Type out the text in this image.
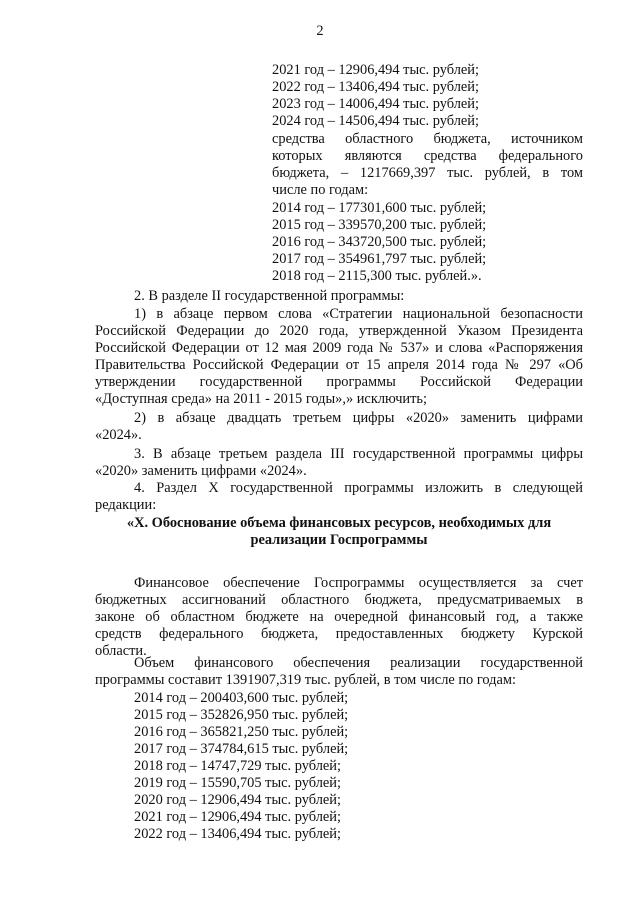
2
2021 год – 12906,494 тыс. рублей;
2022 год – 13406,494 тыс. рублей;
2023 год – 14006,494 тыс. рублей;
2024 год – 14506,494 тыс. рублей;
средства областного бюджета, источником
которых являются средства федерального
бюджета, – 1217669,397 тыс. рублей, в том
числе по годам:
2014 год – 177301,600 тыс. рублей;
2015 год – 339570,200 тыс. рублей;
2016 год – 343720,500 тыс. рублей;
2017 год – 354961,797 тыс. рублей;
2018 год – 2115,300 тыс. рублей.».
2. В разделе II государственной программы:
1) в абзаце первом слова «Стратегии национальной безопасности
Российской Федерации до 2020 года, утвержденной Указом Президента
Российской Федерации от 12 мая 2009 года № 537» и слова «Распоряжения
Правительства Российской Федерации от 15 апреля 2014 года № 297 «Об
утверждении государственной программы Российской Федерации
«Доступная среда» на 2011 - 2015 годы»,» исключить;
2) в абзаце двадцать третьем цифры «2020» заменить цифрами
«2024».
3. В абзаце третьем раздела III государственной программы цифры
«2020» заменить цифрами «2024».
4. Раздел X государственной программы изложить в следующей
редакции:
«X. Обоснование объема финансовых ресурсов, необходимых для
реализации Госпрограммы
Финансовое обеспечение Госпрограммы осуществляется за счет
бюджетных ассигнований областного бюджета, предусматриваемых в
законе об областном бюджете на очередной финансовый год, а также
средств федерального бюджета, предоставленных бюджету Курской
области.
Объем финансового обеспечения реализации государственной
программы составит 1391907,319 тыс. рублей, в том числе по годам:
2014 год – 200403,600 тыс. рублей;
2015 год – 352826,950 тыс. рублей;
2016 год – 365821,250 тыс. рублей;
2017 год – 374784,615 тыс. рублей;
2018 год – 14747,729 тыс. рублей;
2019 год – 15590,705 тыс. рублей;
2020 год – 12906,494 тыс. рублей;
2021 год – 12906,494 тыс. рублей;
2022 год – 13406,494 тыс. рублей;
